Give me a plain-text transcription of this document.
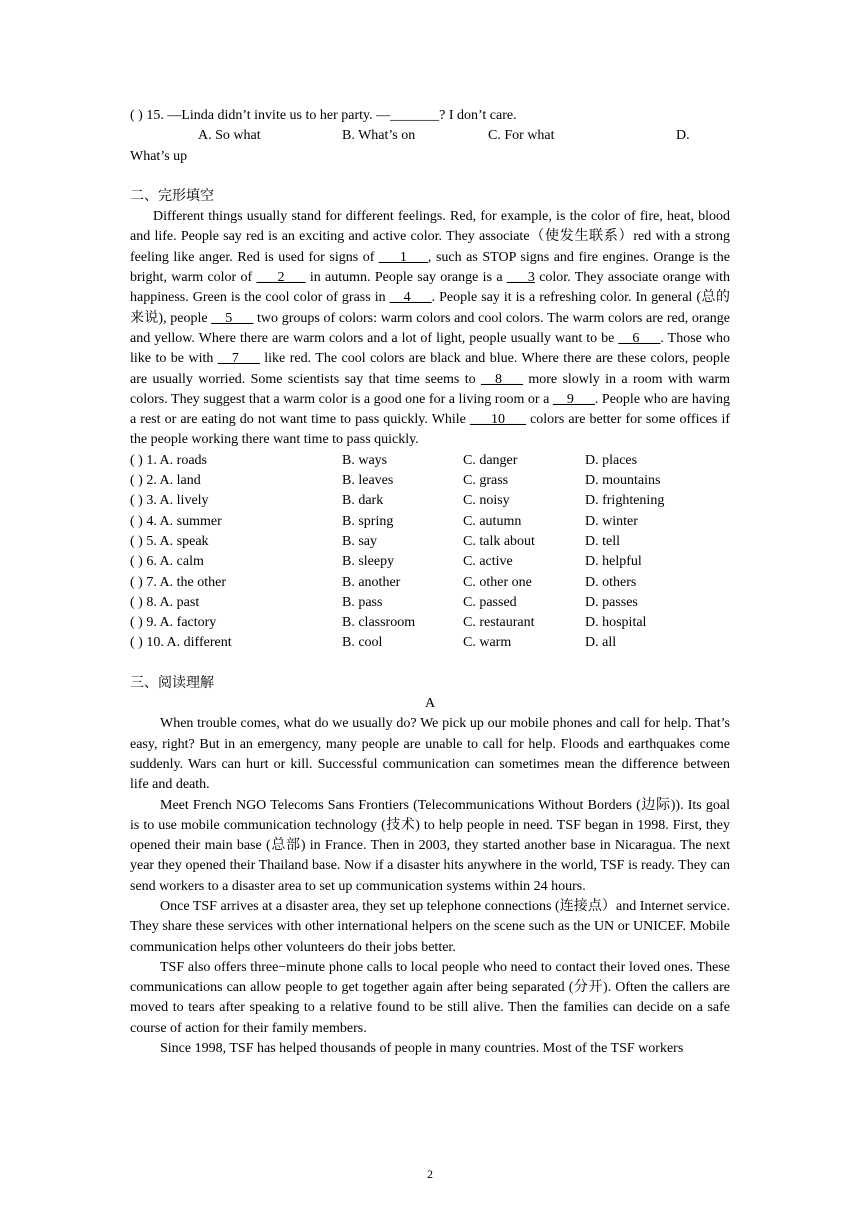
( ) 15. —Linda didn’t invite us to her party. —_______? I don’t care.
A. So what	B. What’s on	C. For what	D.
What’s up
二、完形填空
Different things usually stand for different feelings. Red, for example, is the color of fire, heat, blood and life. People say red is an exciting and active color. They associate（使发生联系）red with a strong feeling like anger. Red is used for signs of ___1___, such as STOP signs and fire engines. Orange is the bright, warm color of ___2___ in autumn. People say orange is a ___3 color. They associate orange with happiness. Green is the cool color of grass in __4___. People say it is a refreshing color. In general (总的来说), people __5___ two groups of colors: warm colors and cool colors. The warm colors are red, orange and yellow. Where there are warm colors and a lot of light, people usually want to be __6___. Those who like to be with __7___ like red. The cool colors are black and blue. Where there are these colors, people are usually worried. Some scientists say that time seems to __8___ more slowly in a room with warm colors. They suggest that a warm color is a good one for a living room or a __9___. People who are having a rest or are eating do not want time to pass quickly. While ___10___ colors are better for some offices if the people working there want time to pass quickly.
( ) 1. A. roads	B. ways	C. danger	D. places
( ) 2. A. land	B. leaves	C. grass	D. mountains
( ) 3. A. lively	B. dark	C. noisy	D. frightening
( ) 4. A. summer	B. spring	C. autumn	D. winter
( ) 5. A. speak	B. say	C. talk about	D. tell
( ) 6. A. calm	B. sleepy	C. active	D. helpful
( ) 7. A. the other	B. another	C. other one	D. others
( ) 8. A. past	B. pass	C. passed	D. passes
( ) 9. A. factory	B. classroom	C. restaurant	D. hospital
( ) 10. A. different	B. cool	C. warm	D. all
三、阅读理解
A
When trouble comes, what do we usually do? We pick up our mobile phones and call for help. That’s easy, right? But in an emergency, many people are unable to call for help. Floods and earthquakes come suddenly. Wars can hurt or kill. Successful communication can sometimes mean the difference between life and death.
Meet French NGO Telecoms Sans Frontiers (Telecommunications Without Borders (边际)). Its goal is to use mobile communication technology (技术) to help people in need. TSF began in 1998. First, they opened their main base (总部) in France. Then in 2003, they started another base in Nicaragua. The next year they opened their Thailand base. Now if a disaster hits anywhere in the world, TSF is ready. They can send workers to a disaster area to set up communication systems within 24 hours.
Once TSF arrives at a disaster area, they set up telephone connections (连接点）and Internet service. They share these services with other international helpers on the scene such as the UN or UNICEF. Mobile communication helps other volunteers do their jobs better.
TSF also offers three−minute phone calls to local people who need to contact their loved ones. These communications can allow people to get together again after being separated (分开). Often the callers are moved to tears after speaking to a relative found to be still alive. Then the families can decide on a safe course of action for their family members.
Since 1998, TSF has helped thousands of people in many countries. Most of the TSF workers
2
